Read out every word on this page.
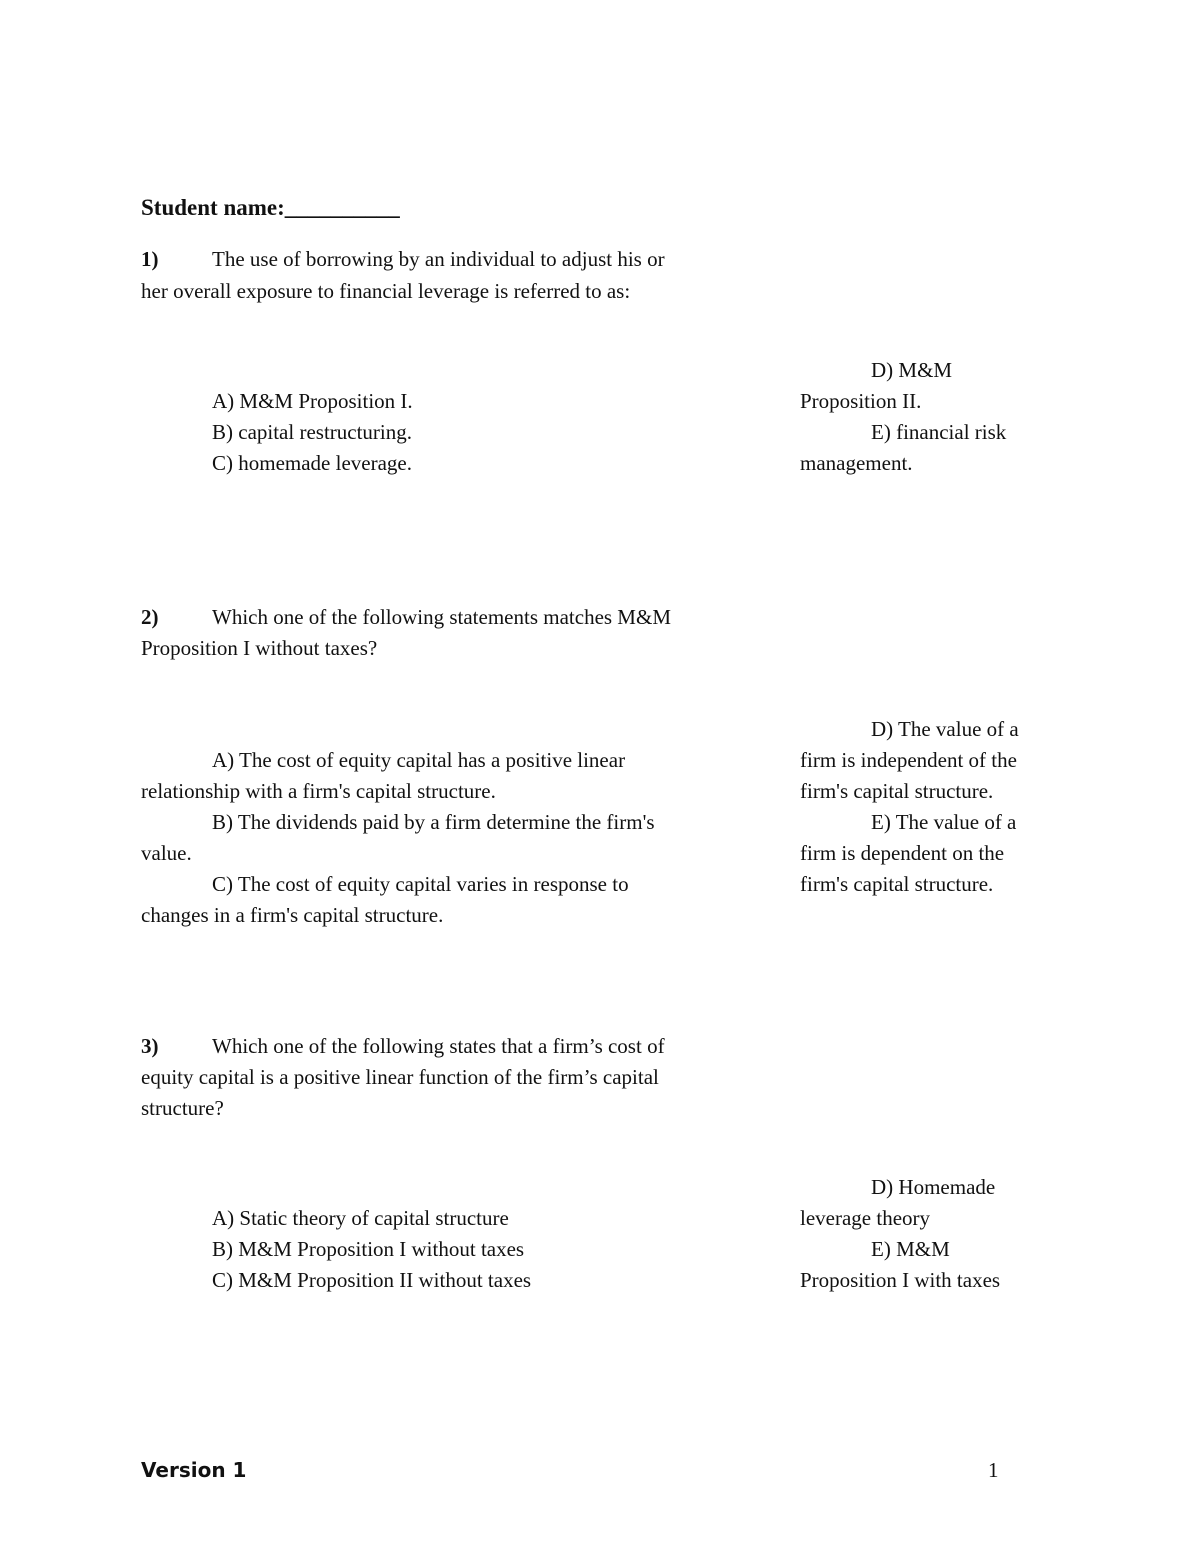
Student name:__________
1)	The use of borrowing by an individual to adjust his or
her overall exposure to financial leverage is referred to as:
D) M&M
A) M&M Proposition I.	Proposition II.
B) capital restructuring.	E) financial risk
C) homemade leverage.	management.
2)	Which one of the following statements matches M&M
Proposition I without taxes?
D) The value of a
A) The cost of equity capital has a positive linear	firm is independent of the
relationship with a firm's capital structure.	firm's capital structure.
B) The dividends paid by a firm determine the firm's	E) The value of a
value.	firm is dependent on the
C) The cost of equity capital varies in response to	firm's capital structure.
changes in a firm's capital structure.
3)	Which one of the following states that a firm’s cost of
equity capital is a positive linear function of the firm’s capital
structure?
D) Homemade
A) Static theory of capital structure	leverage theory
B) M&M Proposition I without taxes	E) M&M
C) M&M Proposition II without taxes	Proposition I with taxes
Version 1	1
